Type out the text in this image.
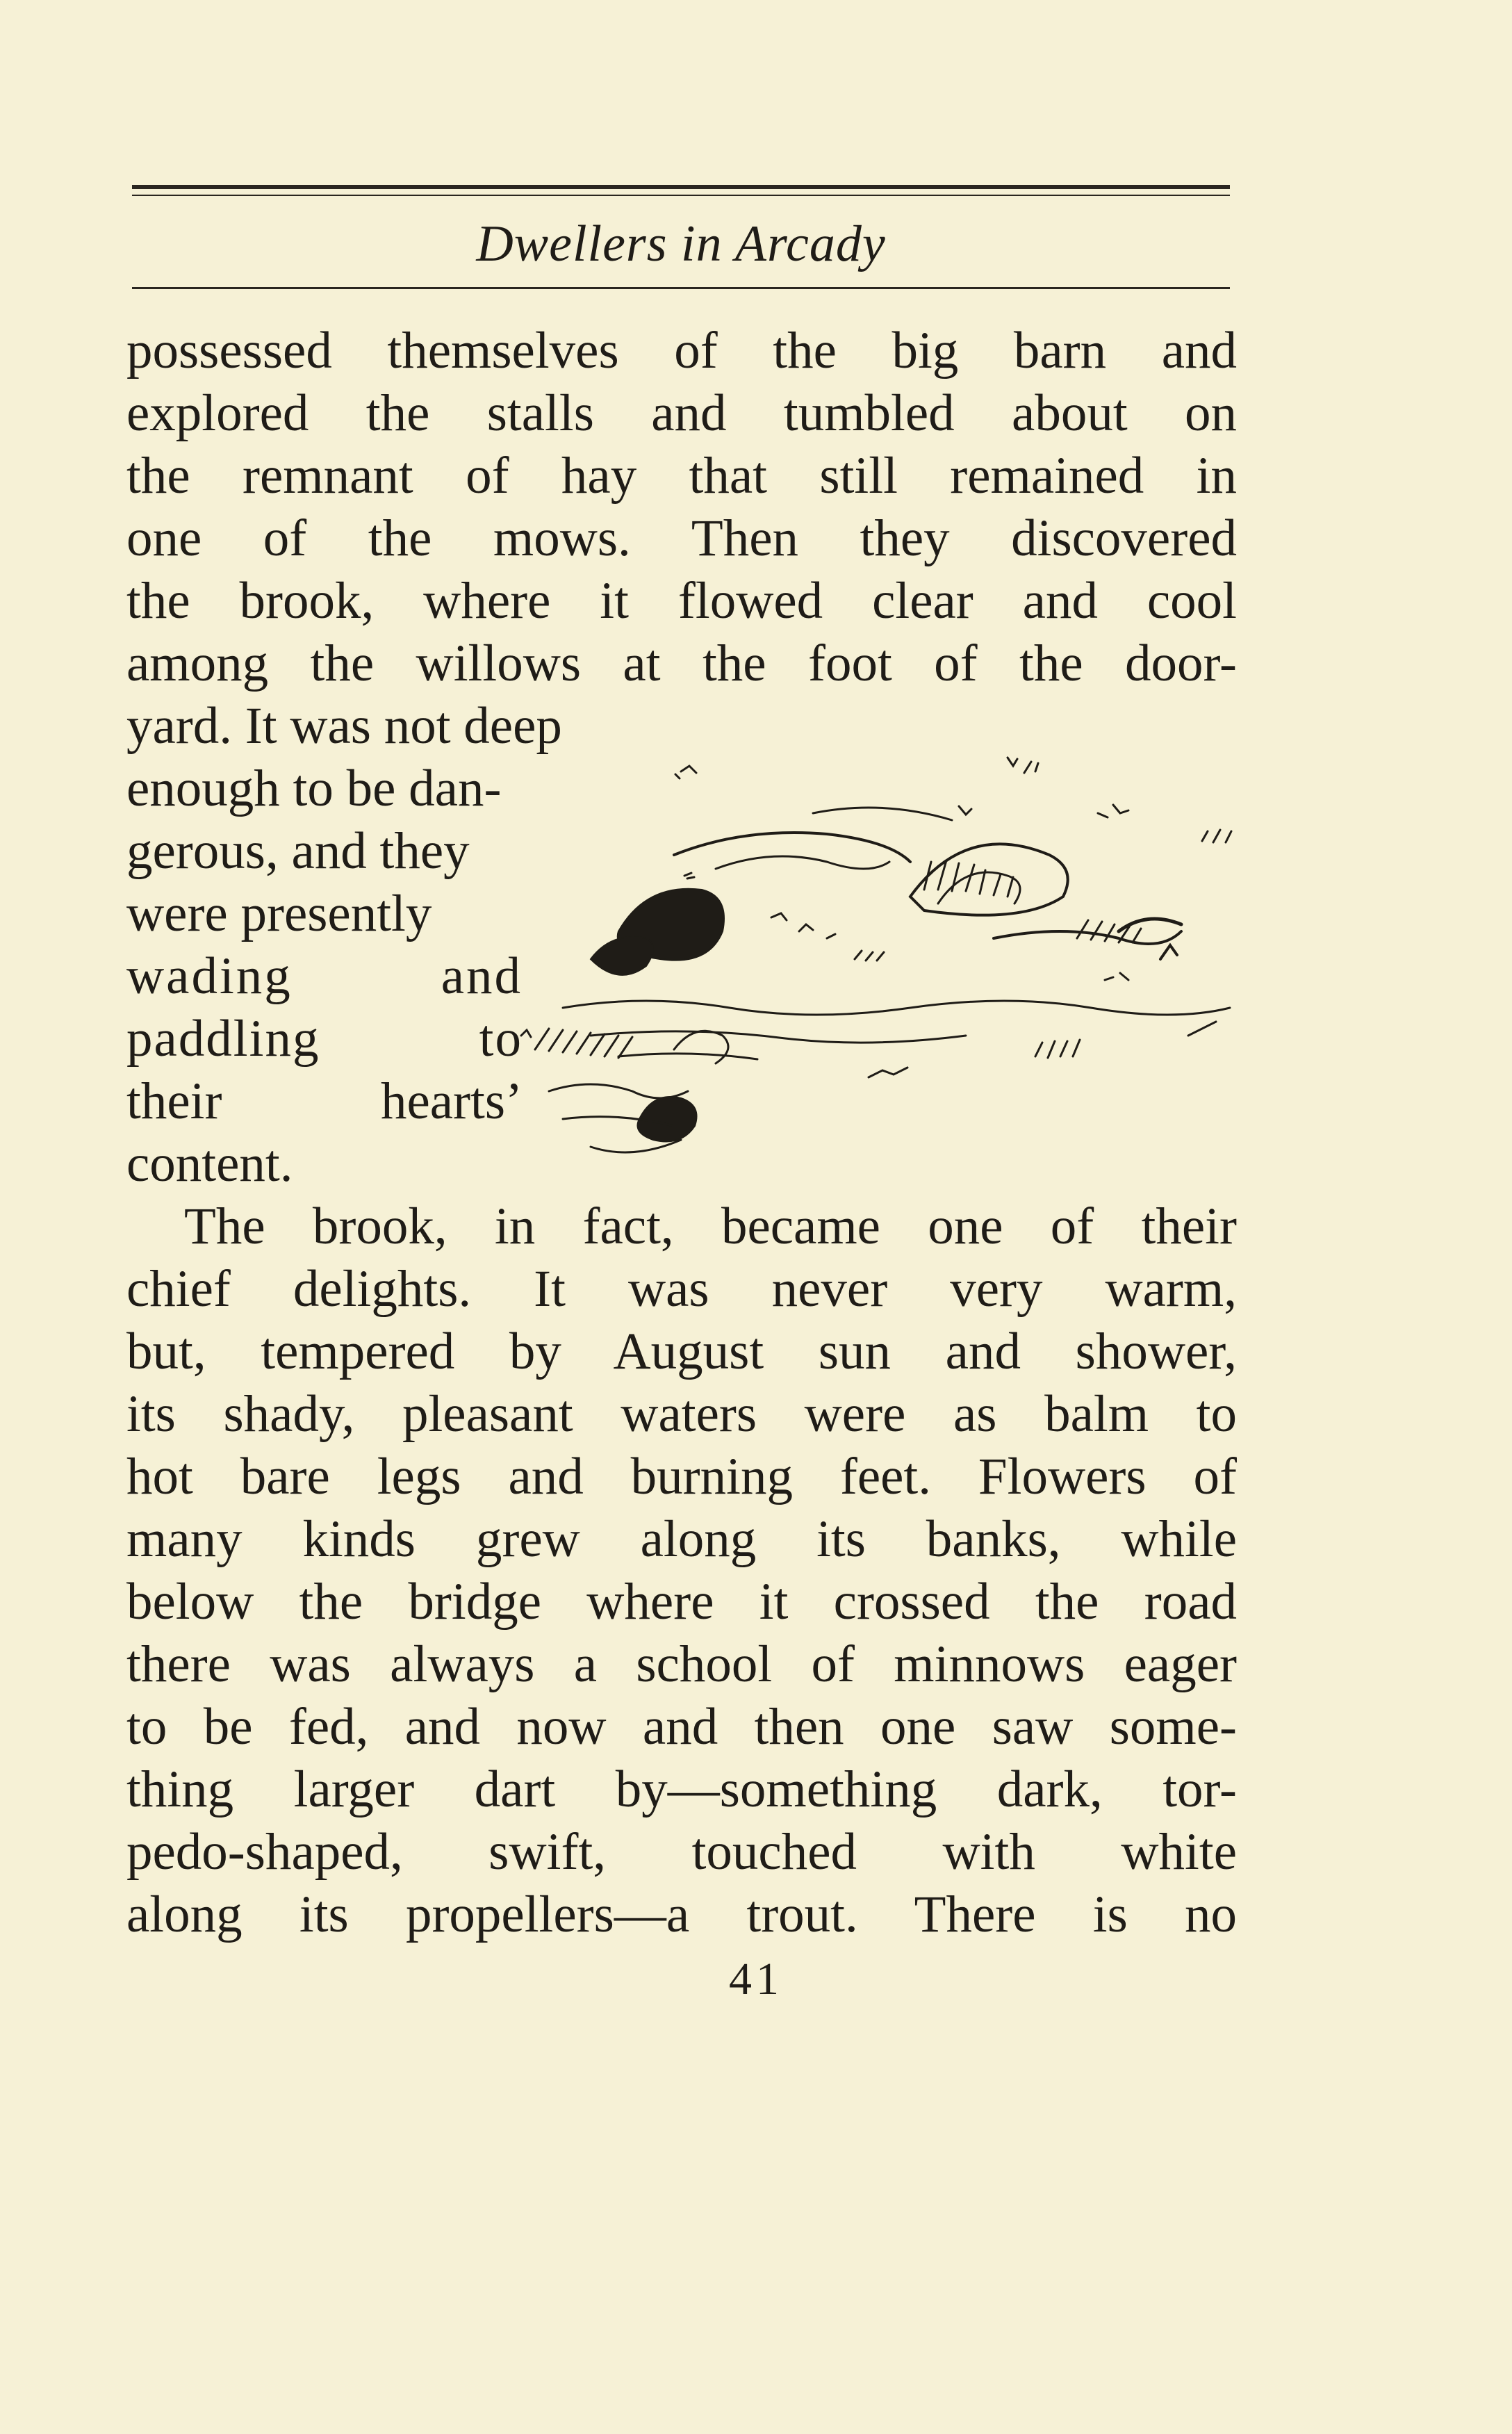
Dwellers in Arcady
possessed themselves of the big barn and
explored the stalls and tumbled about on
the remnant of hay that still remained in
one of the mows. Then they discovered
the brook, where it flowed clear and cool
among the willows at the foot of the door-
yard. It was not deep
enough to be dan-
gerous, and they
were presently
wading and
paddling to
their hearts’
content.
The brook, in fact, became one of their
chief delights. It was never very warm,
but, tempered by August sun and shower,
its shady, pleasant waters were as balm to
hot bare legs and burning feet. Flowers of
many kinds grew along its banks, while
below the bridge where it crossed the road
there was always a school of minnows eager
to be fed, and now and then one saw some-
thing larger dart by—something dark, tor-
pedo-shaped, swift, touched with white
along its propellers—a trout. There is no
41
